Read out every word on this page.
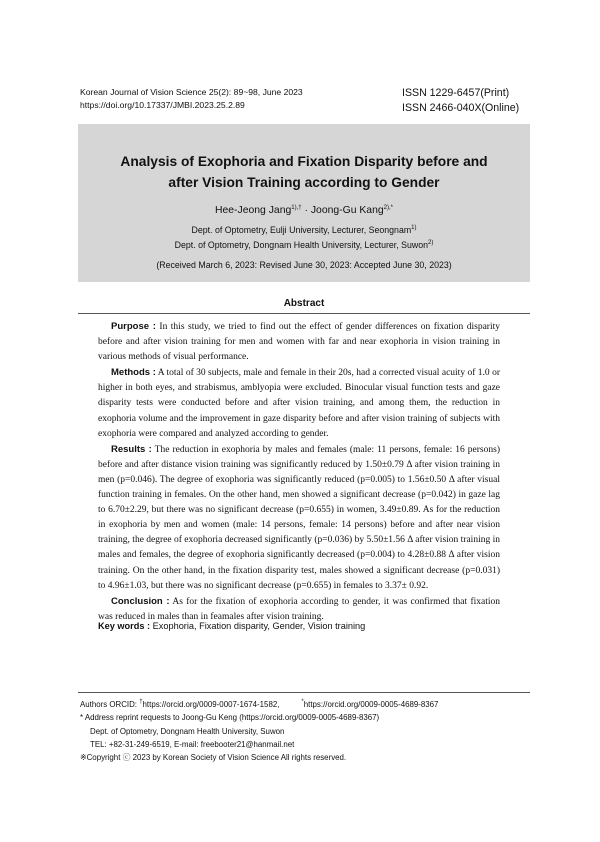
Korean Journal of Vision Science 25(2): 89~98, June 2023
https://doi.org/10.17337/JMBI.2023.25.2.89
ISSN 1229-6457(Print)
ISSN 2466-040X(Online)
Analysis of Exophoria and Fixation Disparity before and
after Vision Training according to Gender
Hee-Jeong Jang$^{1),\dagger}$ · Joong-Gu Kang$^{2),*}$
Dept. of Optometry, Eulji University, Lecturer, Seongnam$^{1)}$
Dept. of Optometry, Dongnam Health University, Lecturer, Suwon$^{2)}$
(Received March 6, 2023: Revised June 30, 2023: Accepted June 30, 2023)
Abstract

Purpose : In this study, we tried to find out the effect of gender differences on fixation disparity before and after vision training for men and women with far and near exophoria in vision training in various methods of visual performance.

Methods : A total of 30 subjects, male and female in their 20s, had a corrected visual acuity of 1.0 or higher in both eyes, and strabismus, amblyopia were excluded. Binocular visual function tests and gaze disparity tests were conducted before and after vision training, and among them, the reduction in exophoria volume and the improvement in gaze disparity before and after vision training of subjects with exophoria were compared and analyzed according to gender.

Results : The reduction in exophoria by males and females (male: 11 persons, female: 16 persons) before and after distance vision training was significantly reduced by 1.50±0.79 Δ after vision training in men (p=0.046). The degree of exophoria was significantly reduced (p=0.005) to 1.56±0.50 Δ after visual function training in females. On the other hand, men showed a significant decrease (p=0.042) in gaze lag to 6.70±2.29, but there was no significant decrease (p=0.655) in women, 3.49±0.89. As for the reduction in exophoria by men and women (male: 14 persons, female: 14 persons) before and after near vision training, the degree of exophoria decreased significantly (p=0.036) by 5.50±1.56 Δ after vision training in males and females, the degree of exophoria significantly decreased (p=0.004) to 4.28±0.88 Δ after vision training. On the other hand, in the fixation disparity test, males showed a significant decrease (p=0.031) to 4.96±1.03, but there was no significant decrease (p=0.655) in females to 3.37± 0.92.

Conclusion : As for the fixation of exophoria according to gender, it was confirmed that fixation was reduced in males than in feamales after vision training.

Key words : Exophoria, Fixation disparity, Gender, Vision training
Authors ORCID: †https://orcid.org/0009-0007-1674-1582,	*https://orcid.org/0009-0005-4689-8367
* Address reprint requests to Joong-Gu Keng (https://orcid.org/0009-0005-4689-8367)
Dept. of Optometry, Dongnam Health University, Suwon
TEL: +82-31-249-6519, E-mail: freebooter21@hanmail.net
※Copyright ⓒ 2023 by Korean Society of Vision Science All rights reserved.
